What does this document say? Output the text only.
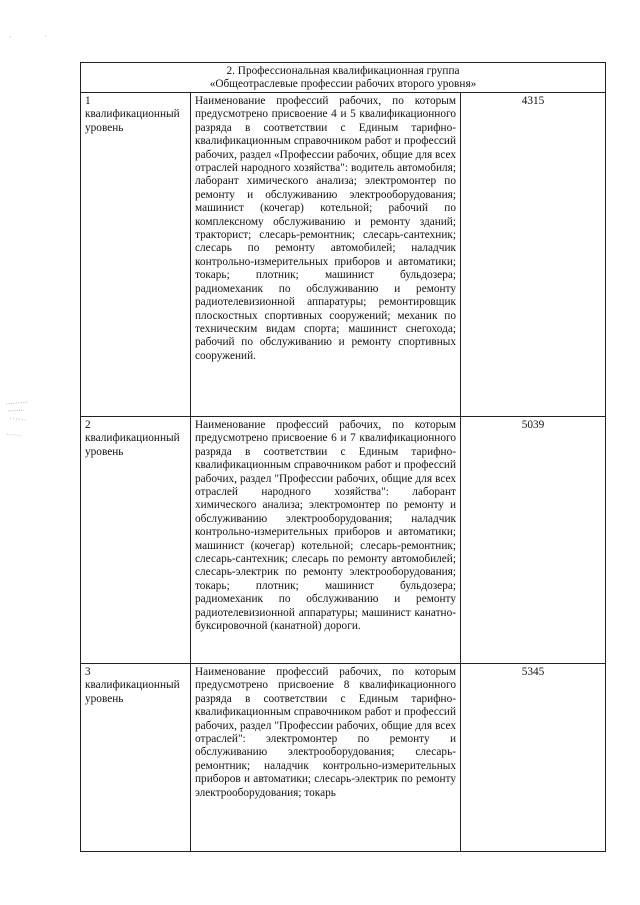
2. Профессиональная квалификационная группа
«Общеотраслевые профессии рабочих второго уровня»		

1 квалификационный уровень	Наименование профессий рабочих, по которым предусмотрено присвоение 4 и 5 квалификационного разряда в соответствии с Единым тарифно-квалификационным справочником работ и профессий рабочих, раздел «Профессии рабочих, общие для всех отраслей народного хозяйства": водитель автомобиля; лаборант химического анализа; электромонтер по ремонту и обслуживанию электрооборудования; машинист (кочегар) котельной; рабочий по комплексному обслуживанию и ремонту зданий; тракторист; слесарь-ремонтник; слесарь-сантехник; слесарь по ремонту автомобилей; наладчик контрольно-измерительных приборов и автоматики; токарь; плотник; машинист бульдозера; радиомеханик по обслуживанию и ремонту радиотелевизионной аппаратуры; ремонтировщик плоскостных спортивных сооружений; механик по техническим видам спорта; машинист снегохода; рабочий по обслуживанию и ремонту спортивных сооружений.	4315
2 квалификационный уровень	Наименование профессий рабочих, по которым предусмотрено присвоение 6 и 7 квалификационного разряда в соответствии с Единым тарифно-квалификационным справочником работ и профессий рабочих, раздел "Профессии рабочих, общие для всех отраслей народного хозяйства": лаборант химического анализа; электромонтер по ремонту и обслуживанию электрооборудования; наладчик контрольно-измерительных приборов и автоматики; машинист (кочегар) котельной; слесарь-ремонтник; слесарь-сантехник; слесарь по ремонту автомобилей; слесарь-электрик по ремонту электрооборудования; токарь; плотник; машинист бульдозера; радиомеханик по обслуживанию и ремонту радиотелевизионной аппаратуры; машинист канатно-буксировочной (канатной) дороги.	5039
3 квалификационный уровень	Наименование профессий рабочих, по которым предусмотрено присвоение 8 квалификационного разряда в соответствии с Единым тарифно-квалификационным справочником работ и профессий рабочих, раздел "Профессии рабочих, общие для всех отраслей": электромонтер по ремонту и обслуживанию электрооборудования; слесарь-ремонтник; наладчик контрольно-измерительных приборов и автоматики; слесарь-электрик по ремонту электрооборудования; токарь	5345
